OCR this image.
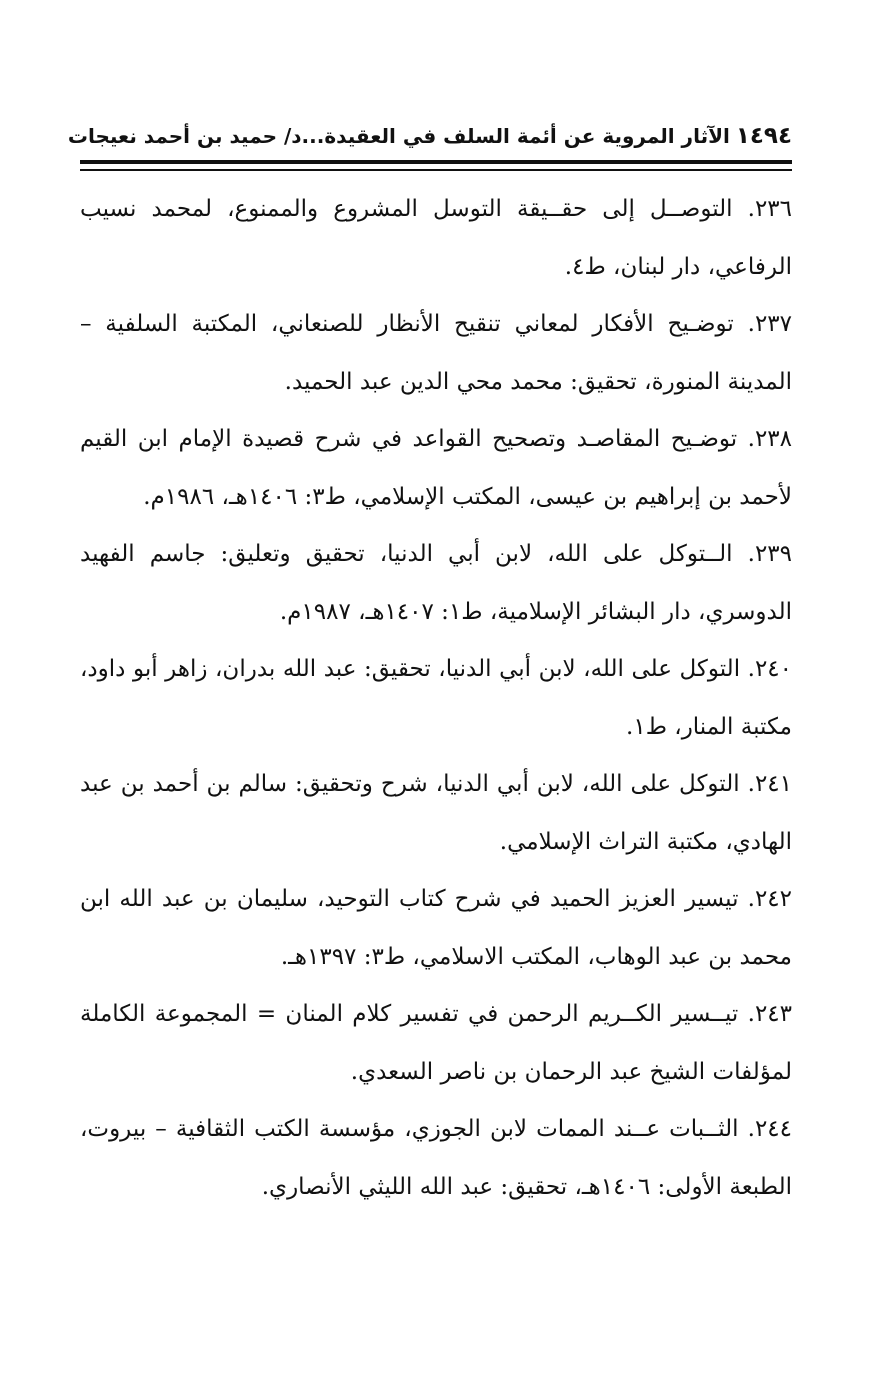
١٤٩٤
الآثار المروية عن أئمة السلف في العقيدة...د/ حميد بن أحمد نعيجات
٢٣٦. التوصــل إلى حقــيقة التوسل المشروع والممنوع، لمحمد نسيب الرفاعي، دار لبنان، ط٤.
٢٣٧. توضـيح الأفكار لمعاني تنقيح الأنظار للصنعاني، المكتبة السلفية – المدينة المنورة، تحقيق: محمد محي الدين عبد الحميد.
٢٣٨. توضـيح المقاصـد وتصحيح القواعد في شرح قصيدة الإمام ابن القيم لأحمد بن إبراهيم بن عيسى، المكتب الإسلامي، ط٣: ١٤٠٦هـ، ١٩٨٦م.
٢٣٩. الــتوكل على الله، لابن أبي الدنيا، تحقيق وتعليق: جاسم الفهيد الدوسري، دار البشائر الإسلامية، ط١: ١٤٠٧هـ، ١٩٨٧م.
٢٤٠. التوكل على الله، لابن أبي الدنيا، تحقيق: عبد الله بدران، زاهر أبو داود، مكتبة المنار، ط١.
٢٤١. التوكل على الله، لابن أبي الدنيا، شرح وتحقيق: سالم بن أحمد بن عبد الهادي، مكتبة التراث الإسلامي.
٢٤٢. تيسير العزيز الحميد في شرح كتاب التوحيد، سليمان بن عبد الله ابن محمد بن عبد الوهاب، المكتب الاسلامي، ط٣: ١٣٩٧هـ.
٢٤٣. تيــسير الكــريم الرحمن في تفسير كلام المنان = المجموعة الكاملة لمؤلفات الشيخ عبد الرحمان بن ناصر السعدي.
٢٤٤. الثــبات عــند الممات لابن الجوزي، مؤسسة الكتب الثقافية – بيروت، الطبعة الأولى: ١٤٠٦هـ، تحقيق: عبد الله الليثي الأنصاري.
